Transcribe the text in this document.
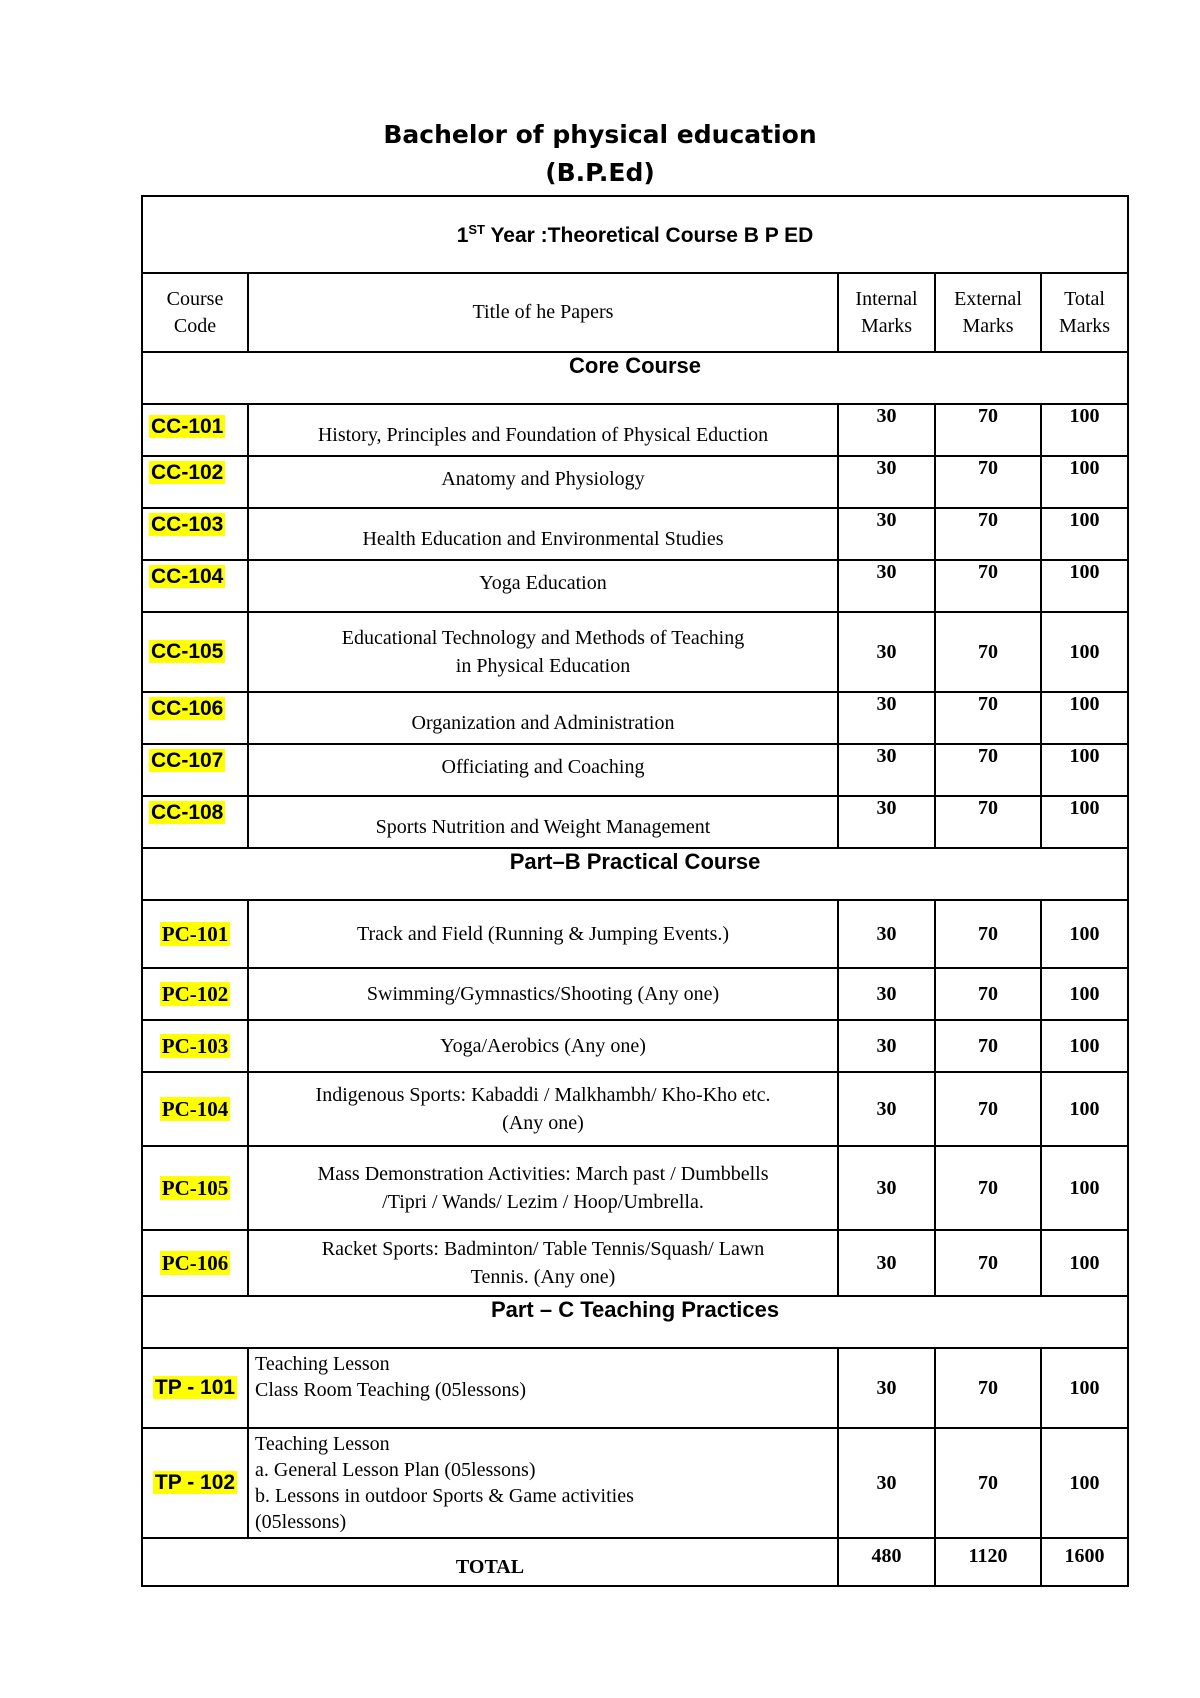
Bachelor of physical education
(B.P.Ed)
1ST Year :Theoretical Course B P ED				
Course Code	Title of he Papers	Internal Marks	External Marks	Total Marks
Core Course				
CC-101	History, Principles and Foundation of Physical Eduction	30	70	100
CC-102	Anatomy and Physiology	30	70	100
CC-103	Health Education and Environmental Studies	30	70	100
CC-104	Yoga Education	30	70	100
CC-105	Educational Technology and Methods of Teaching
in Physical Education	30	70	100
CC-106	Organization and Administration	30	70	100
CC-107	Officiating and Coaching	30	70	100
CC-108	Sports Nutrition and Weight Management	30	70	100
Part–B Practical Course				
PC-101	Track and Field (Running & Jumping Events.)	30	70	100
PC-102	Swimming/Gymnastics/Shooting (Any one)	30	70	100
PC-103	Yoga/Aerobics (Any one)	30	70	100
PC-104	Indigenous Sports: Kabaddi / Malkhambh/ Kho-Kho etc.
(Any one)	30	70	100
PC-105	Mass Demonstration Activities: March past / Dumbbells
/Tipri / Wands/ Lezim / Hoop/Umbrella.	30	70	100
PC-106	Racket Sports: Badminton/ Table Tennis/Squash/ Lawn
Tennis. (Any one)	30	70	100
Part – C Teaching Practices				
TP - 101	Teaching Lesson
Class Room Teaching (05lessons)	30	70	100
TP - 102	Teaching Lesson
a. General Lesson Plan (05lessons)
b. Lessons in outdoor Sports & Game activities
(05lessons)	30	70	100
TOTAL		480	1120	1600
